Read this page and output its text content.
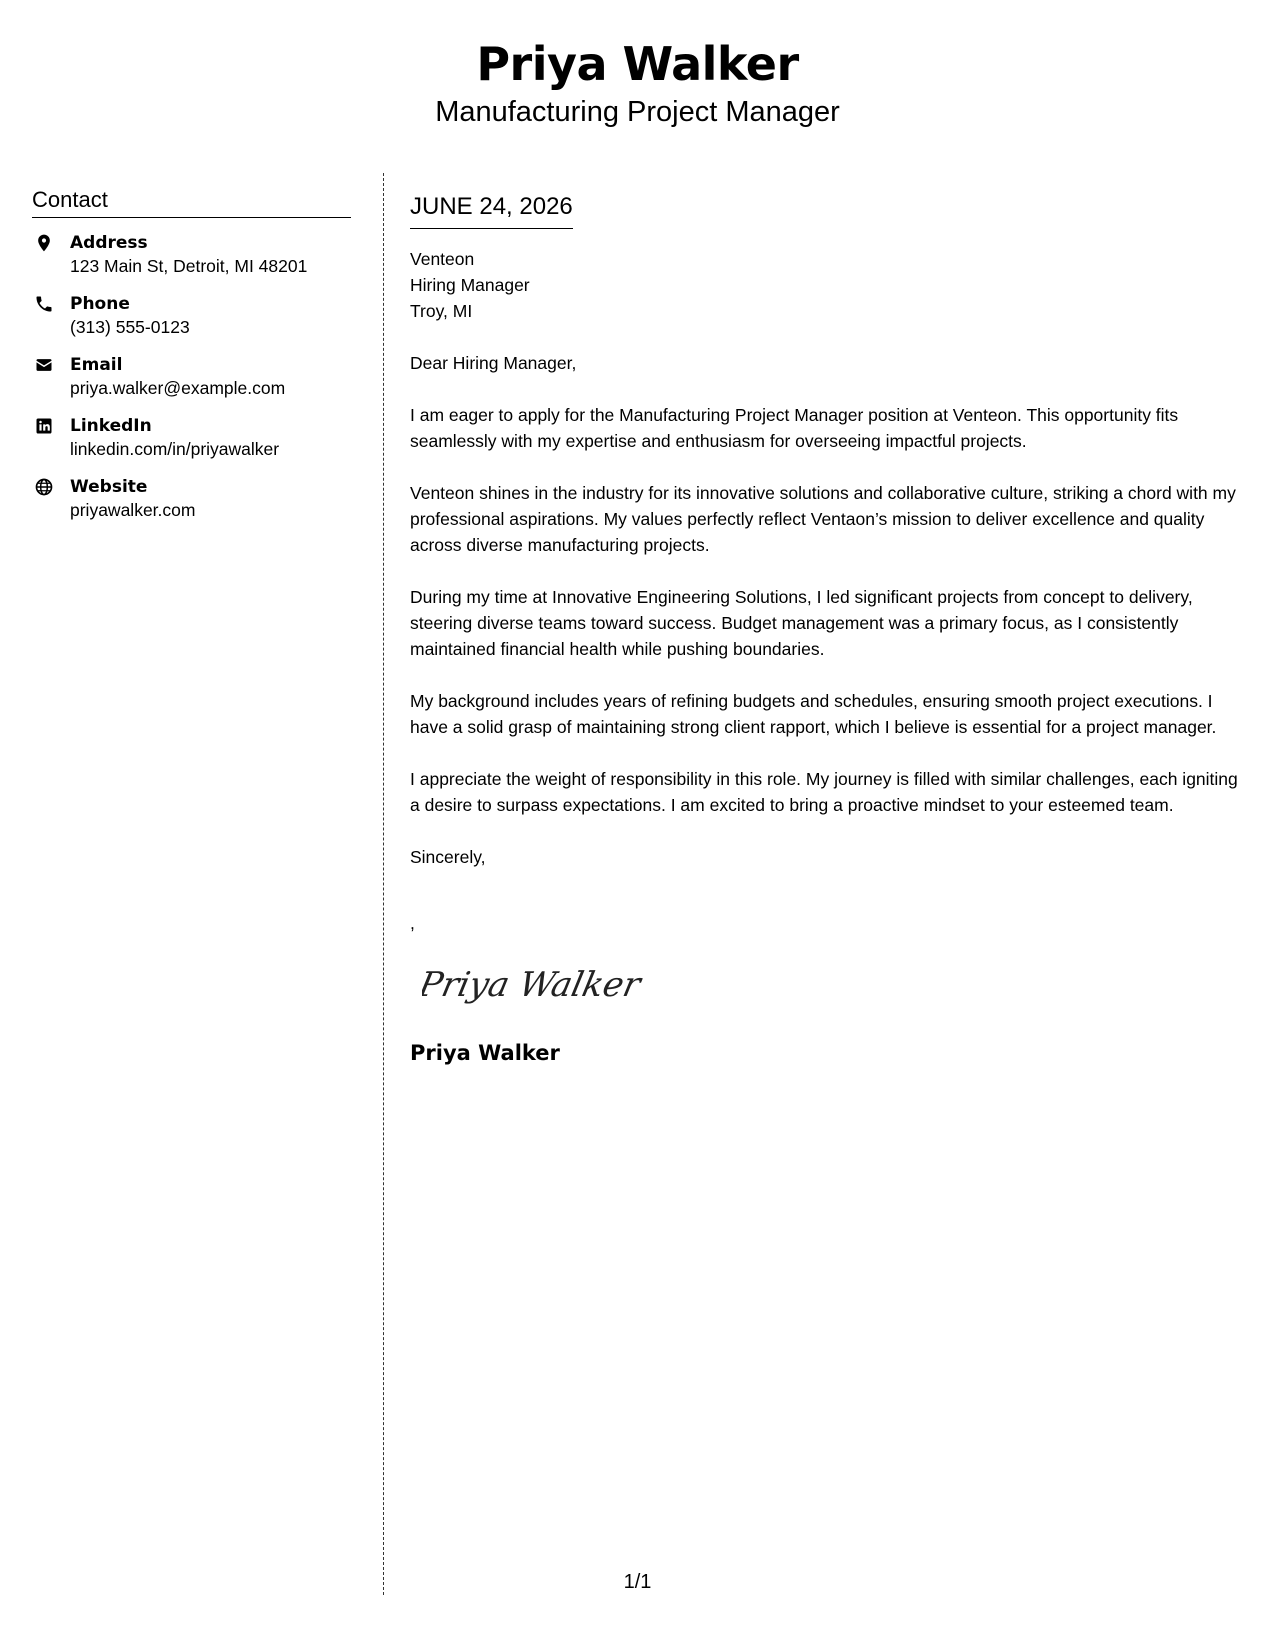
Priya Walker
Manufacturing Project Manager
Contact
Address
123 Main St, Detroit, MI 48201
Phone
(313) 555-0123
Email
priya.walker@example.com
LinkedIn
linkedin.com/in/priyawalker
Website
priyawalker.com
JUNE 24, 2026
Venteon
Hiring Manager
Troy, MI
Dear Hiring Manager,
I am eager to apply for the Manufacturing Project Manager position at Venteon. This opportunity fits seamlessly with my expertise and enthusiasm for overseeing impactful projects.
Venteon shines in the industry for its innovative solutions and collaborative culture, striking a chord with my professional aspirations. My values perfectly reflect Ventaon’s mission to deliver excellence and quality across diverse manufacturing projects.
During my time at Innovative Engineering Solutions, I led significant projects from concept to delivery, steering diverse teams toward success. Budget management was a primary focus, as I consistently maintained financial health while pushing boundaries.
My background includes years of refining budgets and schedules, ensuring smooth project executions. I have a solid grasp of maintaining strong client rapport, which I believe is essential for a project manager.
I appreciate the weight of responsibility in this role. My journey is filled with similar challenges, each igniting a desire to surpass expectations. I am excited to bring a proactive mindset to your esteemed team.
Sincerely,
,
Priya Walker
Priya Walker
1/1
